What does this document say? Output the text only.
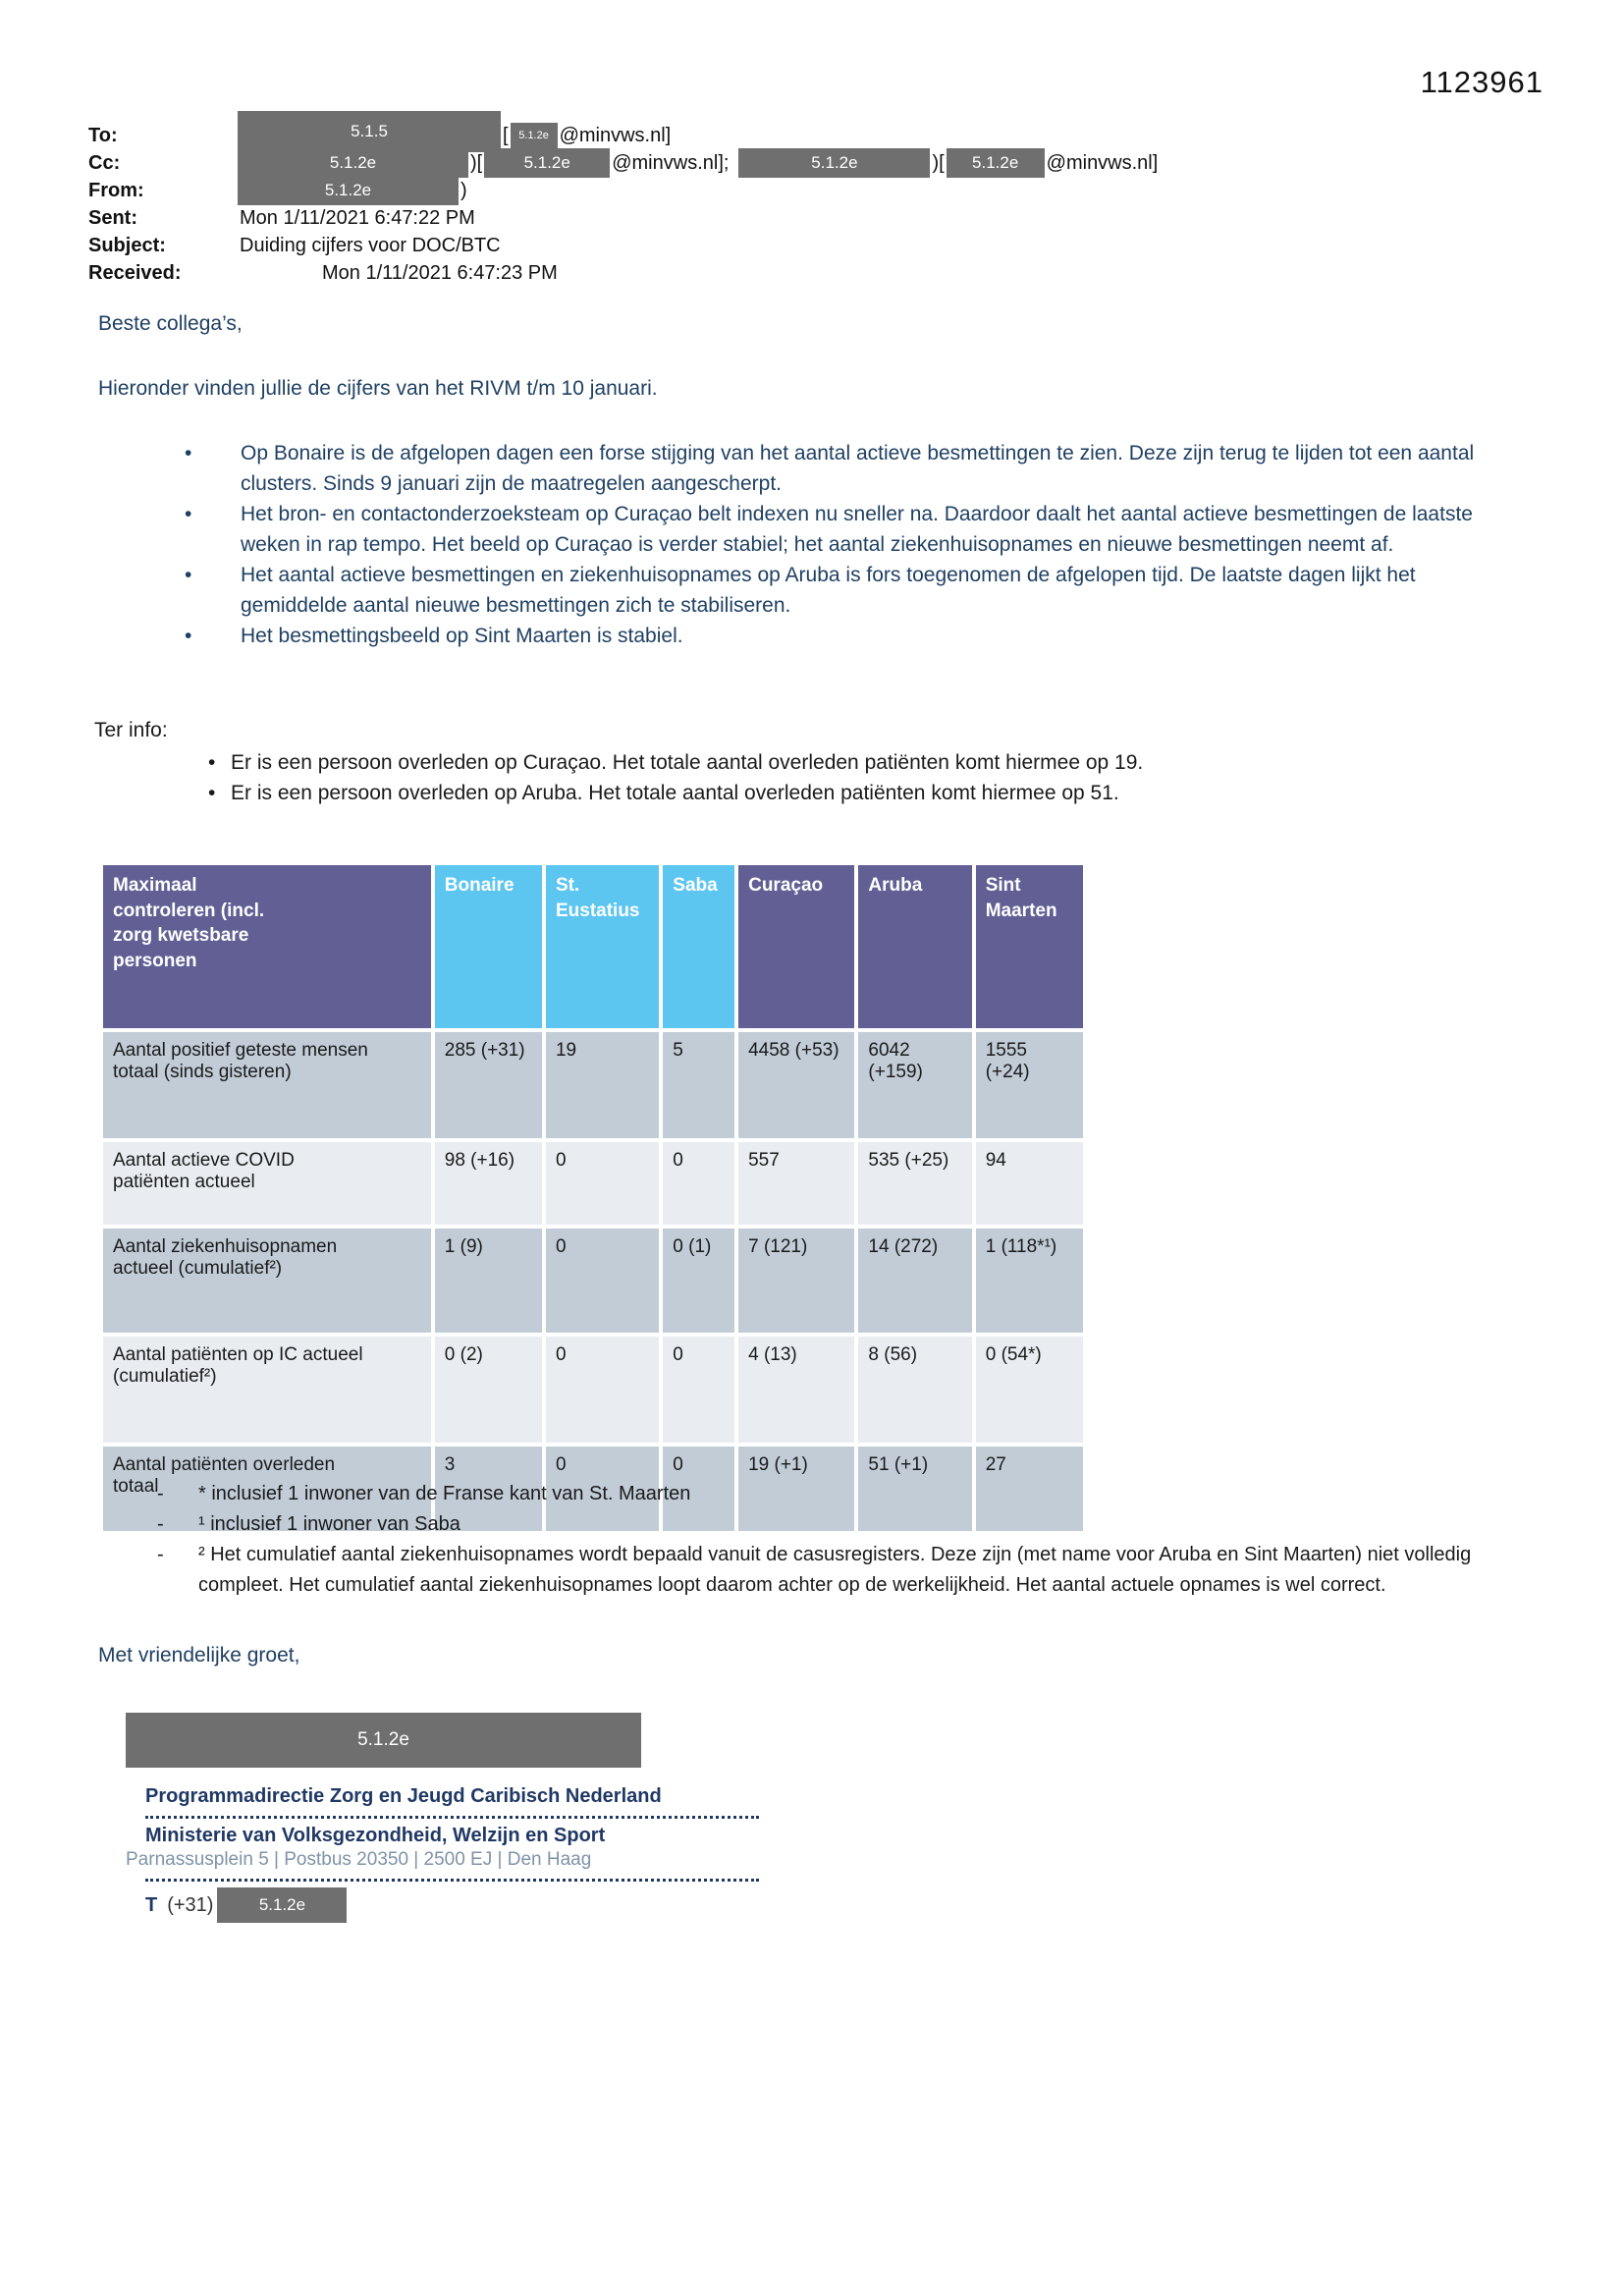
1123961
To:	5.1.5	[ 5.1.2e @minvws.nl]
Cc:	5.1.2e	)[	5.1.2e	@minvws.nl];	5.1.2e	)[	5.1.2e	@minvws.nl]
From:	5.1.2e	)
Sent:	Mon 1/11/2021 6:47:22 PM
Subject:	Duiding cijfers voor DOC/BTC
Received:	Mon 1/11/2021 6:47:23 PM
Beste collega’s,
Hieronder vinden jullie de cijfers van het RIVM t/m 10 januari.
• Op Bonaire is de afgelopen dagen een forse stijging van het aantal actieve besmettingen te zien. Deze zijn terug te lijden tot een aantal clusters. Sinds 9 januari zijn de maatregelen aangescherpt.
• Het bron- en contactonderzoeksteam op Curaçao belt indexen nu sneller na. Daardoor daalt het aantal actieve besmettingen de laatste weken in rap tempo. Het beeld op Curaçao is verder stabiel; het aantal ziekenhuisopnames en nieuwe besmettingen neemt af.
• Het aantal actieve besmettingen en ziekenhuisopnames op Aruba is fors toegenomen de afgelopen tijd. De laatste dagen lijkt het gemiddelde aantal nieuwe besmettingen zich te stabiliseren.
• Het besmettingsbeeld op Sint Maarten is stabiel.
Ter info:
• Er is een persoon overleden op Curaçao. Het totale aantal overleden patiënten komt hiermee op 19.
• Er is een persoon overleden op Aruba. Het totale aantal overleden patiënten komt hiermee op 51.
Maximaal controleren (incl. zorg kwetsbare personen	Bonaire	St. Eustatius	Saba	Curaçao	Aruba	Sint Maarten
Aantal positief geteste mensen totaal (sinds gisteren)	285 (+31)	19	5	4458 (+53)	6042 (+159)	1555 (+24)
Aantal actieve COVID patiënten actueel	98 (+16)	0	0	557	535 (+25)	94
Aantal ziekenhuisopnamen actueel (cumulatief²)	1 (9)	0	0 (1)	7 (121)	14 (272)	1 (118*¹)
Aantal patiënten op IC actueel (cumulatief²)	0 (2)	0	0	4 (13)	8 (56)	0 (54*)
Aantal patiënten overleden totaal	3	0	0	19 (+1)	51 (+1)	27
-	* inclusief 1 inwoner van de Franse kant van St. Maarten
-	¹ inclusief 1 inwoner van Saba
-	² Het cumulatief aantal ziekenhuisopnames wordt bepaald vanuit de casusregisters. Deze zijn (met name voor Aruba en Sint Maarten) niet volledig compleet. Het cumulatief aantal ziekenhuisopnames loopt daarom achter op de werkelijkheid. Het aantal actuele opnames is wel correct.
Met vriendelijke groet,
5.1.2e
Programmadirectie Zorg en Jeugd Caribisch Nederland
Ministerie van Volksgezondheid, Welzijn en Sport
Parnassusplein 5 | Postbus 20350 | 2500 EJ | Den Haag
T (+31)	5.1.2e
